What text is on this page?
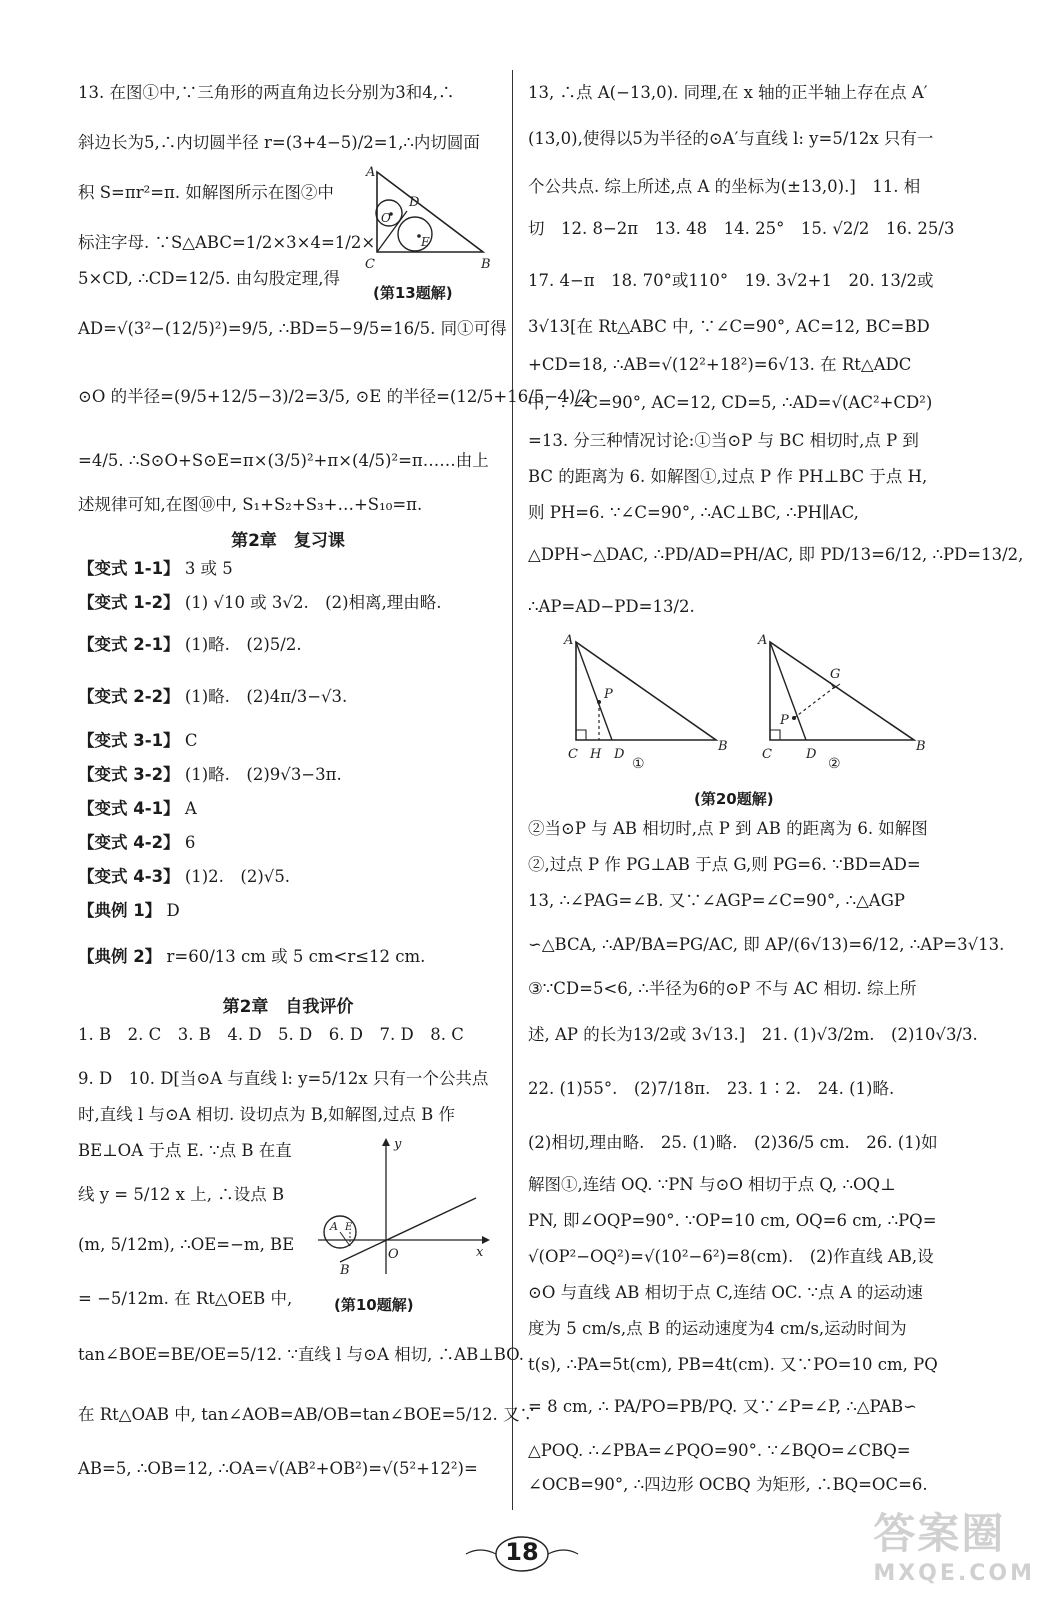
13. 在图①中,∵三角形的两直角边长分别为3和4,∴
斜边长为5,∴内切圆半径 r=(3+4−5)/2=1,∴内切圆面
积 S=πr²=π. 如解图所示在图②中
标注字母. ∵S△ABC=1/2×3×4=1/2×
5×CD, ∴CD=12/5. 由勾股定理,得
A
D
O
E
C	B
(第13题解)
AD=√(3²−(12/5)²)=9/5, ∴BD=5−9/5=16/5. 同①可得
⊙O 的半径=(9/5+12/5−3)/2=3/5, ⊙E 的半径=(12/5+16/5−4)/2
=4/5. ∴S⊙O+S⊙E=π×(3/5)²+π×(4/5)²=π……由上
述规律可知,在图⑩中, S₁+S₂+S₃+…+S₁₀=π.
第2章　复习课
【变式 1-1】 3 或 5
【变式 1-2】 (1) √10 或 3√2.　(2)相离,理由略.
【变式 2-1】 (1)略.　(2)5/2.
【变式 2-2】 (1)略.　(2)4π/3−√3.
【变式 3-1】 C
【变式 3-2】 (1)略.　(2)9√3−3π.
【变式 4-1】 A
【变式 4-2】 6
【变式 4-3】 (1)2.　(2)√5.
【典例 1】 D
【典例 2】 r=60/13 cm 或 5 cm<r≤12 cm.
第2章　自我评价
1. B　2. C　3. B　4. D　5. D　6. D　7. D　8. C
9. D　10. D[当⊙A 与直线 l: y=5/12x 只有一个公共点
时,直线 l 与⊙A 相切. 设切点为 B,如解图,过点 B 作
BE⊥OA 于点 E. ∵点 B 在直
线 y = 5/12 x 上, ∴设点 B
(m, 5/12m), ∴OE=−m, BE
= −5/12m. 在 Rt△OEB 中,
y
A E
O	x
B
(第10题解)
tan∠BOE=BE/OE=5/12. ∵直线 l 与⊙A 相切, ∴AB⊥BO.
在 Rt△OAB 中, tan∠AOB=AB/OB=tan∠BOE=5/12. 又∵
AB=5, ∴OB=12, ∴OA=√(AB²+OB²)=√(5²+12²)=
13, ∴点 A(−13,0). 同理,在 x 轴的正半轴上存在点 A′
(13,0),使得以5为半径的⊙A′与直线 l: y=5/12x 只有一
个公共点. 综上所述,点 A 的坐标为(±13,0).]　11. 相
切　12. 8−2π　13. 48　14. 25°　15. √2/2　16. 25/3
17. 4−π　18. 70°或110°　19. 3√2+1　20. 13/2或
3√13[在 Rt△ABC 中, ∵∠C=90°, AC=12, BC=BD
+CD=18, ∴AB=√(12²+18²)=6√13. 在 Rt△ADC
中, ∵∠C=90°, AC=12, CD=5, ∴AD=√(AC²+CD²)
=13. 分三种情况讨论:①当⊙P 与 BC 相切时,点 P 到
BC 的距离为 6. 如解图①,过点 P 作 PH⊥BC 于点 H,
则 PH=6. ∵∠C=90°, ∴AC⊥BC, ∴PH∥AC,
△DPH∽△DAC, ∴PD/AD=PH/AC, 即 PD/13=6/12, ∴PD=13/2,
∴AP=AD−PD=13/2.
A
P
C H D
B
①
A
G
P
C	D
B
②
(第20题解)
②当⊙P 与 AB 相切时,点 P 到 AB 的距离为 6. 如解图
②,过点 P 作 PG⊥AB 于点 G,则 PG=6. ∵BD=AD=
13, ∴∠PAG=∠B. 又∵∠AGP=∠C=90°, ∴△AGP
∽△BCA, ∴AP/BA=PG/AC, 即 AP/(6√13)=6/12, ∴AP=3√13.
③∵CD=5<6, ∴半径为6的⊙P 不与 AC 相切. 综上所
述, AP 的长为13/2或 3√13.]　21. (1)√3/2m.　(2)10√3/3.
22. (1)55°.　(2)7/18π.　23. 1∶2.　24. (1)略.
(2)相切,理由略.　25. (1)略.　(2)36/5 cm.　26. (1)如
解图①,连结 OQ. ∵PN 与⊙O 相切于点 Q, ∴OQ⊥
PN, 即∠OQP=90°. ∵OP=10 cm, OQ=6 cm, ∴PQ=
√(OP²−OQ²)=√(10²−6²)=8(cm).　(2)作直线 AB,设
⊙O 与直线 AB 相切于点 C,连结 OC. ∵点 A 的运动速
度为 5 cm/s,点 B 的运动速度为4 cm/s,运动时间为
t(s), ∴PA=5t(cm), PB=4t(cm). 又∵PO=10 cm, PQ
= 8 cm, ∴ PA/PO=PB/PQ. 又∵∠P=∠P, ∴△PAB∽
△POQ. ∴∠PBA=∠PQO=90°. ∵∠BQO=∠CBQ=
∠OCB=90°, ∴四边形 OCBQ 为矩形, ∴BQ=OC=6.
18	答案圈
MXQE.COM
